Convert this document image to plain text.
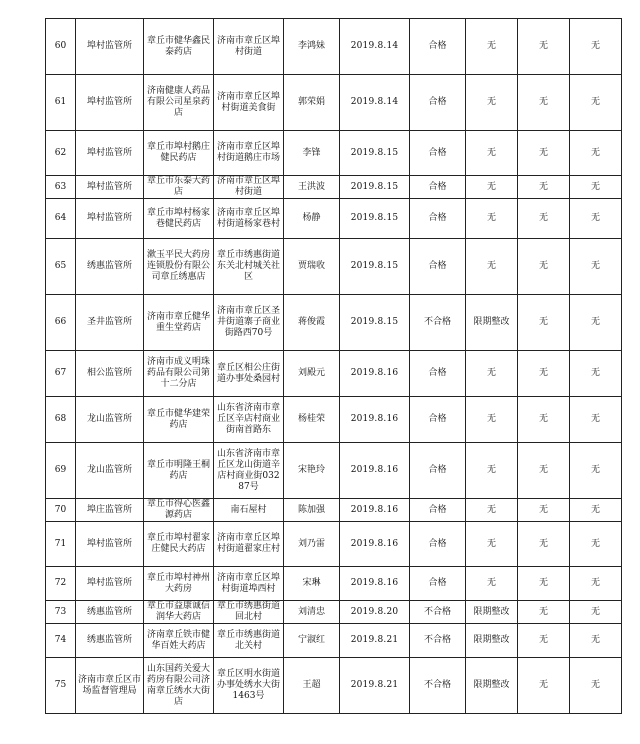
60	埠村监管所	章丘市健华鑫民泰药店	济南市章丘区埠村街道	李鸿妹	2019.8.14	合格	无	无	无
61	埠村监管所	济南健康人药品有限公司星泉药店	济南市章丘区埠村街道美食街	郭荣娟	2019.8.14	合格	无	无	无
62	埠村监管所	章丘市埠村鹅庄健民药店	济南市章丘区埠村街道鹅庄市场	李锋	2019.8.15	合格	无	无	无
63	埠村监管所	章丘市乐泰大药店	济南市章丘区埠村街道	王洪波	2019.8.15	合格	无	无	无
64	埠村监管所	章丘市埠村杨家巷健民药店	济南市章丘区埠村街道杨家巷村	杨静	2019.8.15	合格	无	无	无
65	绣惠监管所	漱玉平民大药房连锁股份有限公司章丘绣惠店	章丘市绣惠街道东关北村城关社区	贾瑞收	2019.8.15	合格	无	无	无
66	圣井监管所	济南市章丘健华重生堂药店	济南市章丘区圣井街道寨子商业街路西70号	蒋俊霞	2019.8.15	不合格	限期整改	无	无
67	相公监管所	济南市成义明珠药品有限公司第十二分店	章丘区相公庄街道办事处桑园村	刘殿元	2019.8.16	合格	无	无	无
68	龙山监管所	章丘市健华建荣药店	山东省济南市章丘区辛店村商业街南首路东	杨桂荣	2019.8.16	合格	无	无	无
69	龙山监管所	章丘市明隆王桐药店	山东省济南市章丘区龙山街道辛店村商业街03287号	宋艳玲	2019.8.16	合格	无	无	无
70	埠庄监管所	章丘市得心医鑫源药店	南石屋村	陈加强	2019.8.16	合格	无	无	无
71	埠村监管所	章丘市埠村翟家庄健民大药店	济南市章丘区埠村街道翟家庄村	刘乃雷	2019.8.16	合格	无	无	无
72	埠村监管所	章丘市埠村神州大药房	济南市章丘区埠村街道埠西村	宋琳	2019.8.16	合格	无	无	无
73	绣惠监管所	章丘市益康诚信润华大药店	章丘市绣惠街道回北村	刘清忠	2019.8.20	不合格	限期整改	无	无
74	绣惠监管所	济南章丘铁市健华百姓大药店	章丘市绣惠街道北关村	宁淑红	2019.8.21	不合格	限期整改	无	无
75	济南市章丘区市场监督管理局	山东国药关爱大药房有限公司济南章丘绣水大街店	章丘区明水街道办事处绣水大街1463号	王超	2019.8.21	不合格	限期整改	无	无
